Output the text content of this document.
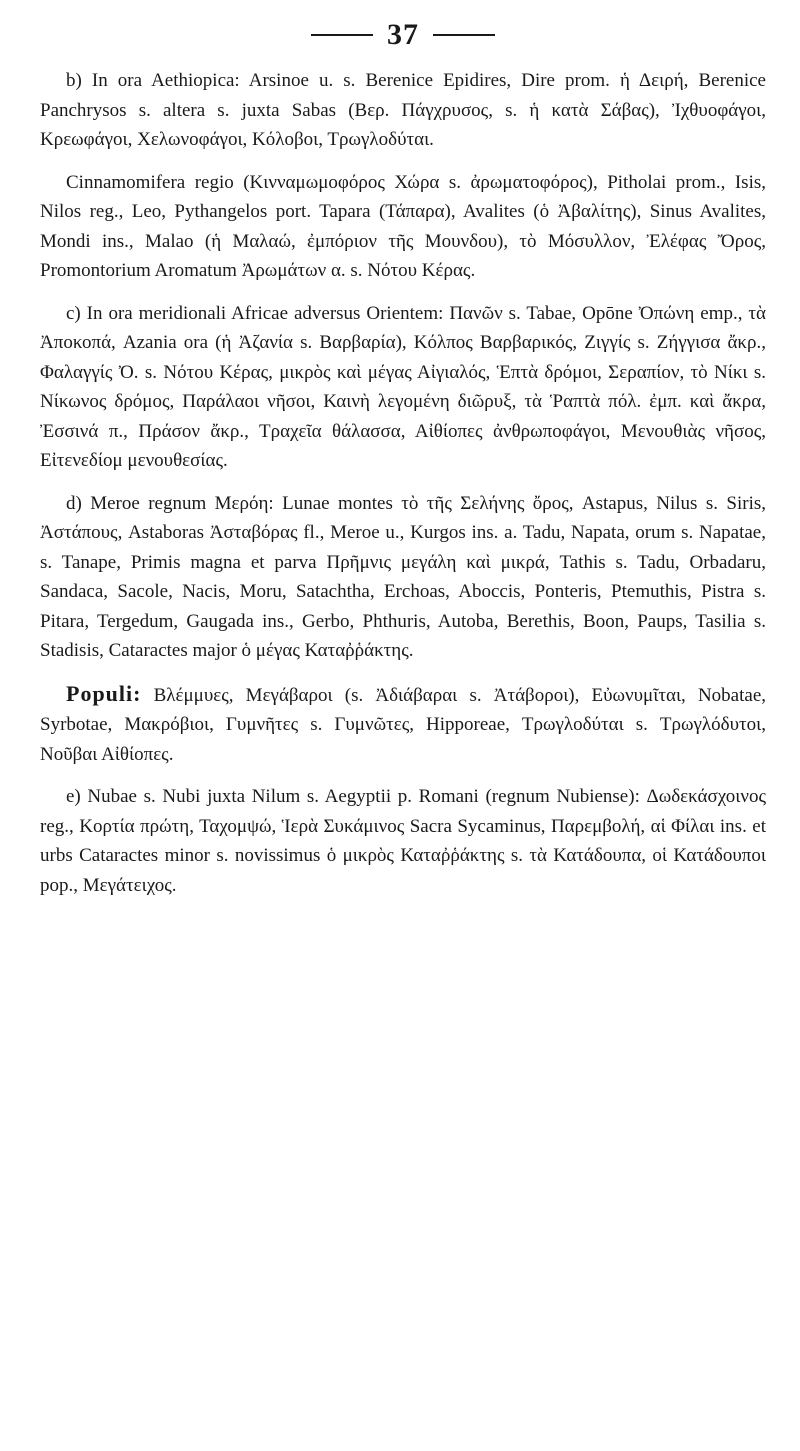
37

b) In ora Aethiopica: Arsinoe u. s. Berenice Epidires, Dire prom. ἡ Δειρή, Berenice Panchrysos s. altera s. juxta Sabas (Βερ. Πάγχρυσος, s. ἡ κατὰ Σάβας), Ἰχθυοφάγοι, Κρεωφάγοι, Χελωνοφάγοι, Κόλοβοι, Τρωγλοδύται.

Cinnamomifera regio (Κινναμωμοφόρος Χώρα s. ἀρωματοφόρος), Pitholai prom., Isis, Nilos reg., Leo, Pythangelos port. Tapara (Τάπαρα), Avalites (ὁ Ἀβαλίτης), Sinus Avalites, Mondi ins., Malao (ἡ Μαλαώ, ἐμπόριον τῆς Μουνδου), τὸ Μόσυλλον, Ἐλέφας Ὄρος, Promontorium Aromatum Ἀρωμάτων α. s. Νότου Κέρας.

c) In ora meridionali Africae adversus Orientem: Πανῶν s. Tabae, Opōne Ὀπώνη emp., τὰ Ἀποκοπά, Azania ora (ἡ Ἀζανία s. Βαρβαρία), Κόλπος Βαρβαρικός, Ζιγγίς s. Ζήγγισα ἄκρ., Φαλαγγίς Ὀ. s. Νότου Κέρας, μικρὸς καὶ μέγας Αἰγιαλός, Ἑπτὰ δρόμοι, Σεραπίον, τὸ Νίκι s. Νίκωνος δρόμος, Παράλαοι νῆσοι, Καινὴ λεγομένη διῶρυξ, τὰ Ῥαπτὰ πόλ. ἐμπ. καὶ ἄκρα, Ἐσσινά π., Πράσον ἄκρ., Τραχεῖα θάλασσα, Αἰθίοπες ἀνθρωποφάγοι, Μενουθιὰς νῆσος, Εἰτενεδίομ μενουθεσίας.

d) Meroe regnum Μερόη: Lunae montes τὸ τῆς Σελήνης ὄρος, Astapus, Nilus s. Siris, Ἀστάπους, Astaboras Ἀσταβόρας fl., Meroe u., Kurgos ins. a. Tadu, Napata, orum s. Napatae, s. Tanape, Primis magna et parva Πρῆμνις μεγάλη καὶ μικρά, Tathis s. Tadu, Orbadaru, Sandaca, Sacole, Nacis, Moru, Satachtha, Erchoas, Aboccis, Ponteris, Ptemuthis, Pistra s. Pitara, Tergedum, Gaugada ins., Gerbo, Phthuris, Autoba, Berethis, Boon, Paups, Tasilia s. Stadisis, Cataractes major ὁ μέγας Καταῤῥάκτης.

Populi: Βλέμμυες, Μεγάβαροι (s. Ἀδιάβαραι s. Ἀτάβοροι), Εὐωνυμῖται, Nobatae, Syrbotae, Μακρόβιοι, Γυμνῆτες s. Γυμνῶτες, Hipporeae, Τρωγλοδύται s. Τρωγλόδυτοι, Νοῦβαι Αἰθίοπες.

e) Nubae s. Nubi juxta Nilum s. Aegyptii p. Romani (regnum Nubiense): Δωδεκάσχοινος reg., Κορτία πρώτη, Ταχομψώ, Ἱερὰ Συκάμινος Sacra Sycaminus, Παρεμβολή, αἱ Φίλαι ins. et urbs Cataractes minor s. novissimus ὁ μικρὸς Καταῤῥάκτης s. τὰ Κατάδουπα, οἱ Κατάδουποι pop., Μεγάτειχος.
